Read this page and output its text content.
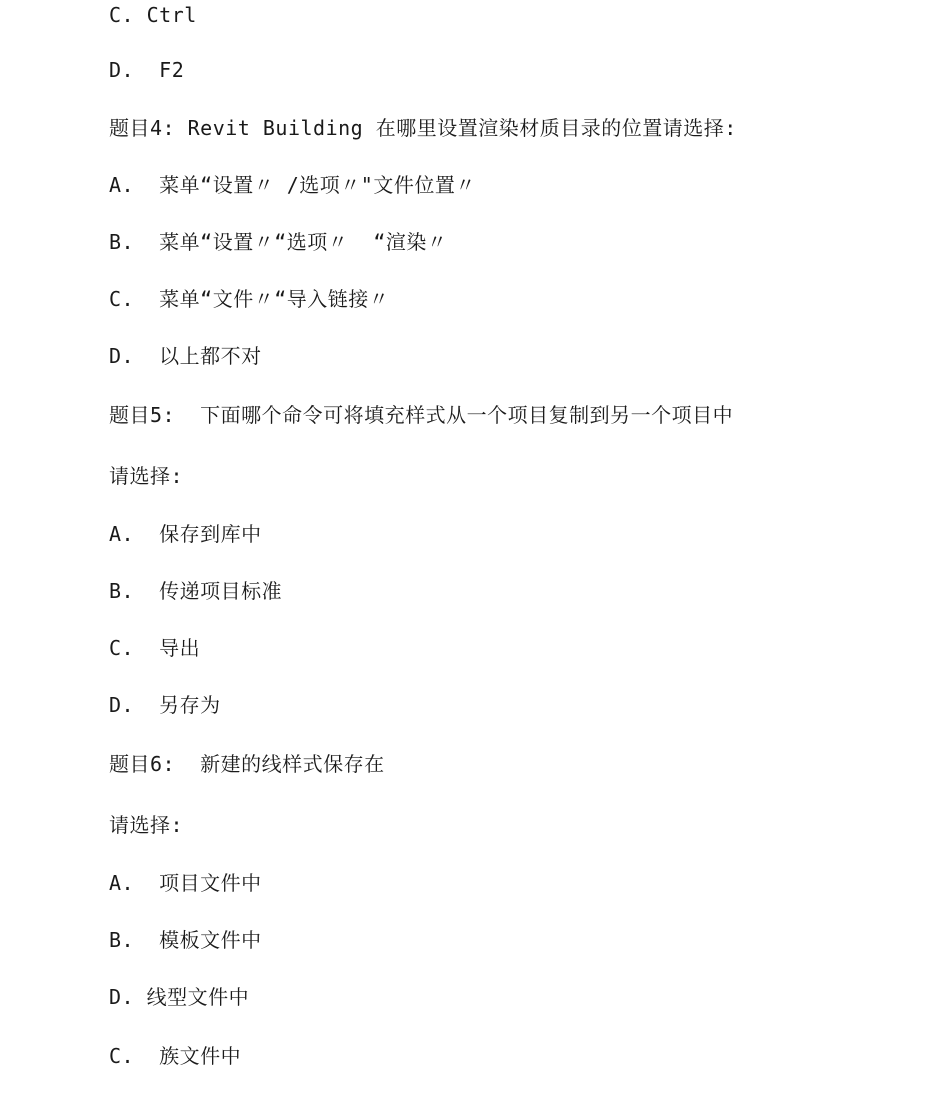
C. Ctrl
D.  F2
题目4: Revit Building 在哪里设置渲染材质目录的位置请选择:
A.  菜单“设置〃 /选项〃"文件位置〃
B.  菜单“设置〃“选项〃  “渲染〃
C.  菜单“文件〃“导入链接〃
D.  以上都不对
题目5:  下面哪个命令可将填充样式从一个项目复制到另一个项目中
请选择:
A.  保存到库中
B.  传递项目标准
C.  导出
D.  另存为
题目6:  新建的线样式保存在
请选择:
A.  项目文件中
B.  模板文件中
D. 线型文件中
C.  族文件中
